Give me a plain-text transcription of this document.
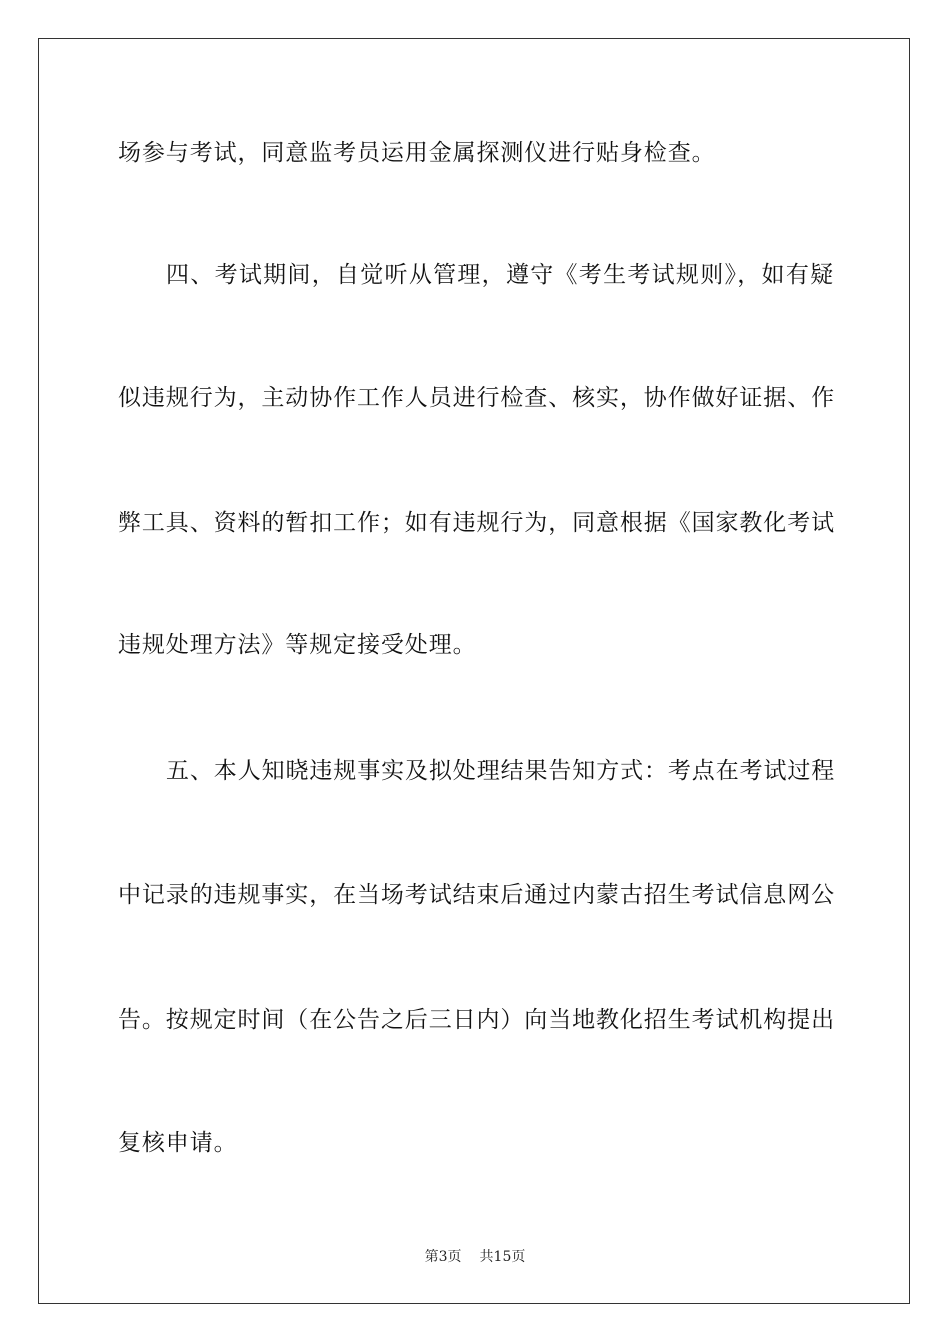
场参与考试，同意监考员运用金属探测仪进行贴身检查。
四、考试期间，自觉听从管理，遵守《考生考试规则》，如有疑
似违规行为，主动协作工作人员进行检查、核实，协作做好证据、作
弊工具、资料的暂扣工作；如有违规行为，同意根据《国家教化考试
违规处理方法》等规定接受处理。
五、本人知晓违规事实及拟处理结果告知方式：考点在考试过程
中记录的违规事实，在当场考试结束后通过内蒙古招生考试信息网公
告。按规定时间（在公告之后三日内）向当地教化招生考试机构提出
复核申请。
第3页 共15页
